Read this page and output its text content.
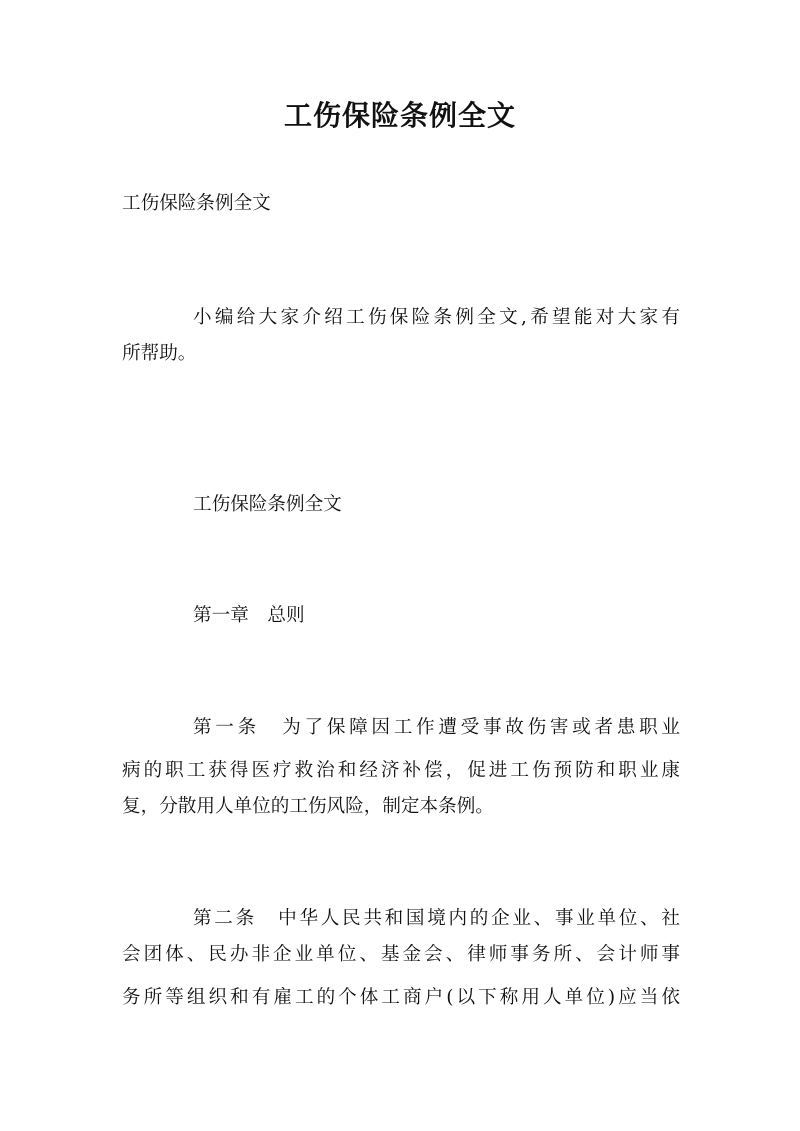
工伤保险条例全文
工伤保险条例全文
小编给大家介绍工伤保险条例全文,希望能对大家有
所帮助。
工伤保险条例全文
第一章　总则
第一条　为了保障因工作遭受事故伤害或者患职业
病的职工获得医疗救治和经济补偿，促进工伤预防和职业康
复，分散用人单位的工伤风险，制定本条例。
第二条　中华人民共和国境内的企业、事业单位、社
会团体、民办非企业单位、基金会、律师事务所、会计师事
务所等组织和有雇工的个体工商户(以下称用人单位)应当依
